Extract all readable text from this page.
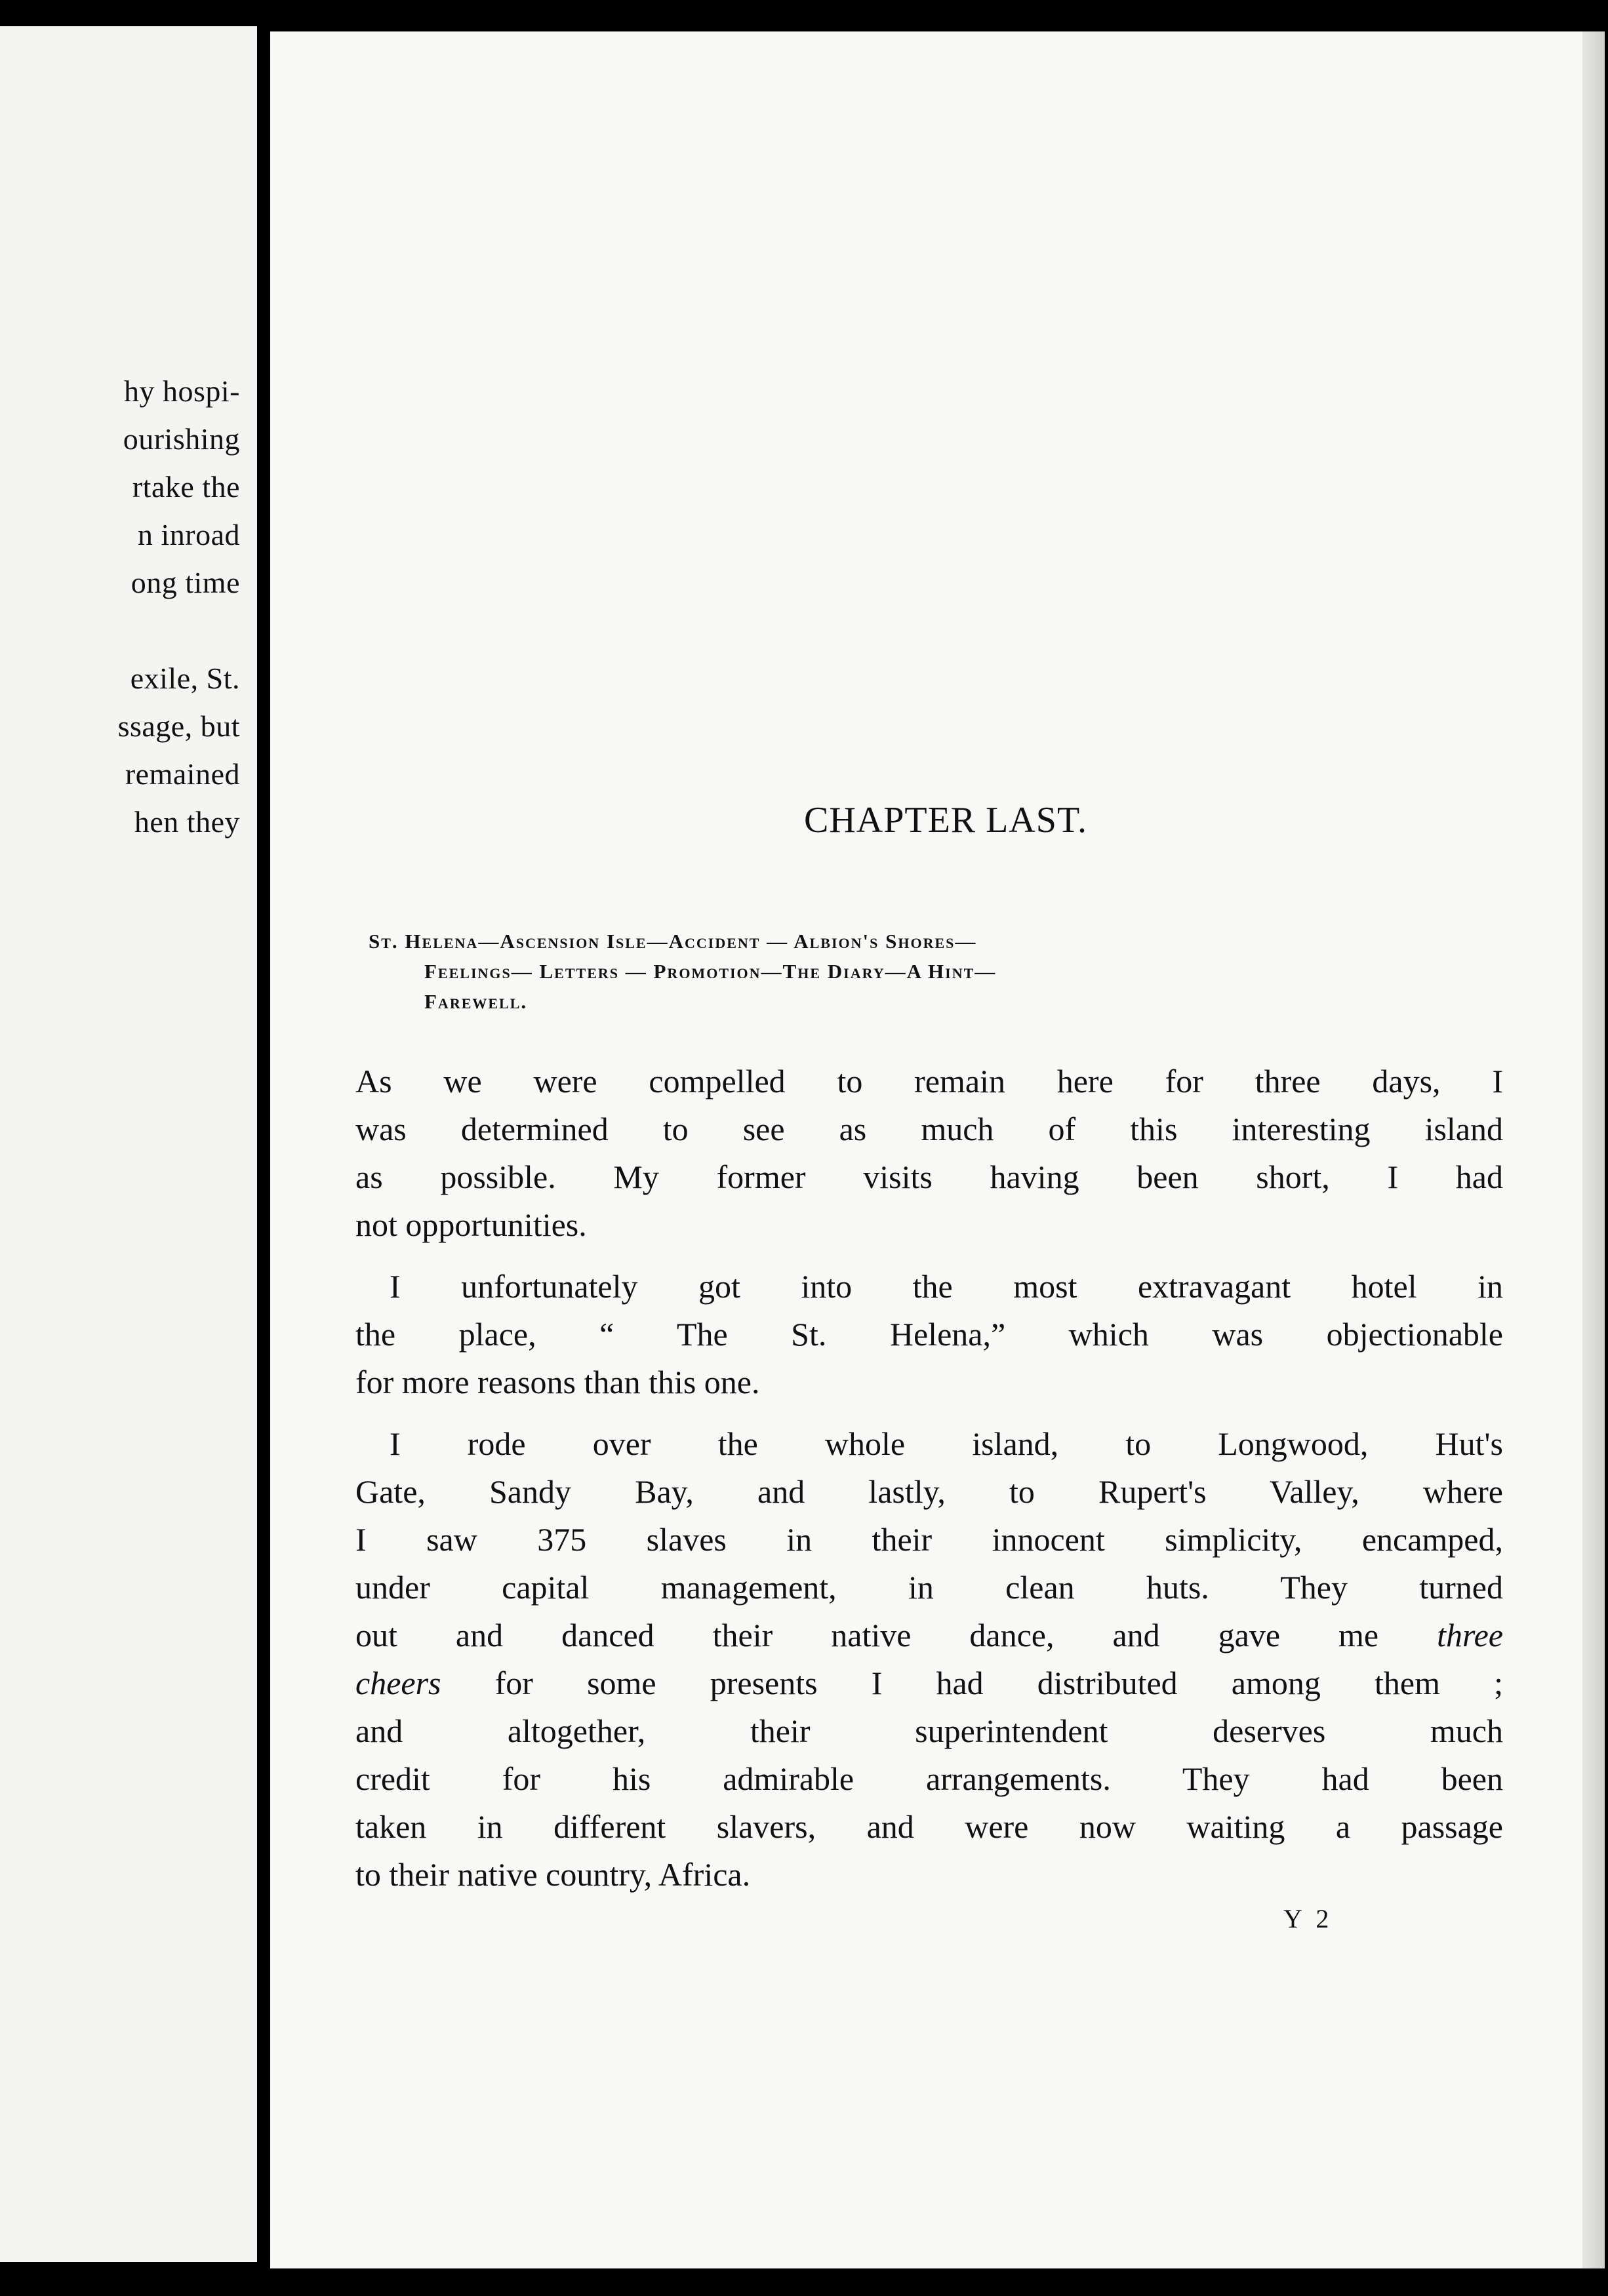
hy hospi-
ourishing
rtake the
n inroad
ong time
exile, St.
ssage, but
remained
hen they	CHAPTER LAST.
St. Helena—Ascension Isle—Accident — Albion's Shores—
Feelings— Letters — Promotion—The Diary—A Hint—
Farewell.
As we were compelled to remain here for three days, I
was determined to see as much of this interesting island
as possible. My former visits having been short, I had
not opportunities.
I unfortunately got into the most extravagant hotel in
the place, “ The St. Helena,” which was objectionable
for more reasons than this one.
I rode over the whole island, to Longwood, Hut's
Gate, Sandy Bay, and lastly, to Rupert's Valley, where
I saw 375 slaves in their innocent simplicity, encamped,
under capital management, in clean huts. They turned
out and danced their native dance, and gave me three
cheers for some presents I had distributed among them ;
and altogether, their superintendent deserves much
credit for his admirable arrangements. They had been
taken in different slavers, and were now waiting a passage
to their native country, Africa.
Y 2
